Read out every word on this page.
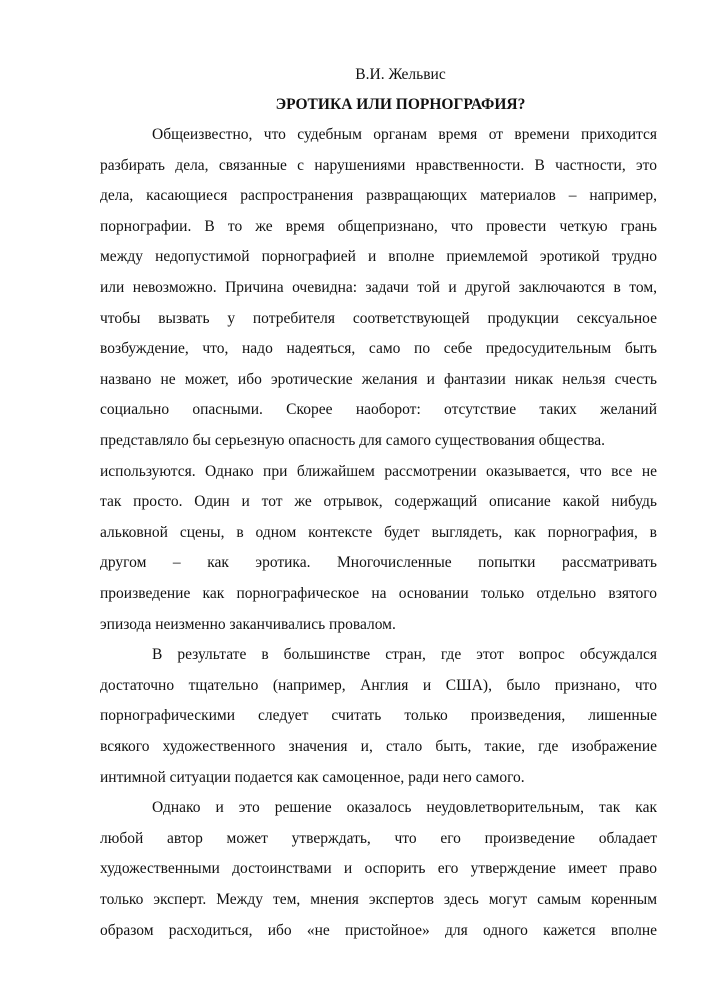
В.И. Жельвис
ЭРОТИКА ИЛИ ПОРНОГРАФИЯ?
Общеизвестно, что судебным органам время от времени приходится
разбирать дела, связанные с нарушениями нравственности. В частности, это
дела, касающиеся распространения развращающих материалов – например,
порнографии. В то же время общепризнано, что провести четкую грань
между недопустимой порнографией и вполне приемлемой эротикой трудно
или невозможно. Причина очевидна: задачи той и другой заключаются в том,
чтобы вызвать у потребителя соответствующей продукции сексуальное
возбуждение, что, надо надеяться, само по себе предосудительным быть
названо не может, ибо эротические желания и фантазии никак нельзя счесть
социально опасными. Скорее наоборот: отсутствие таких желаний
представляло бы серьезную опасность для самого существования общества.
используются. Однако при ближайшем рассмотрении оказывается, что все не
так просто. Один и тот же отрывок, содержащий описание какой нибудь
альковной сцены, в одном контексте будет выглядеть, как порнография, в
другом – как эротика. Многочисленные попытки рассматривать
произведение как порнографическое на основании только отдельно взятого
эпизода неизменно заканчивались провалом.
В результате в большинстве стран, где этот вопрос обсуждался
достаточно тщательно (например, Англия и США), было признано, что
порнографическими следует считать только произведения, лишенные
всякого художественного значения и, стало быть, такие, где изображение
интимной ситуации подается как самоценное, ради него самого.
Однако и это решение оказалось неудовлетворительным, так как
любой автор может утверждать, что его произведение обладает
художественными достоинствами и оспорить его утверждение имеет право
только эксперт. Между тем, мнения экспертов здесь могут самым коренным
образом расходиться, ибо «не пристойное» для одного кажется вполне
